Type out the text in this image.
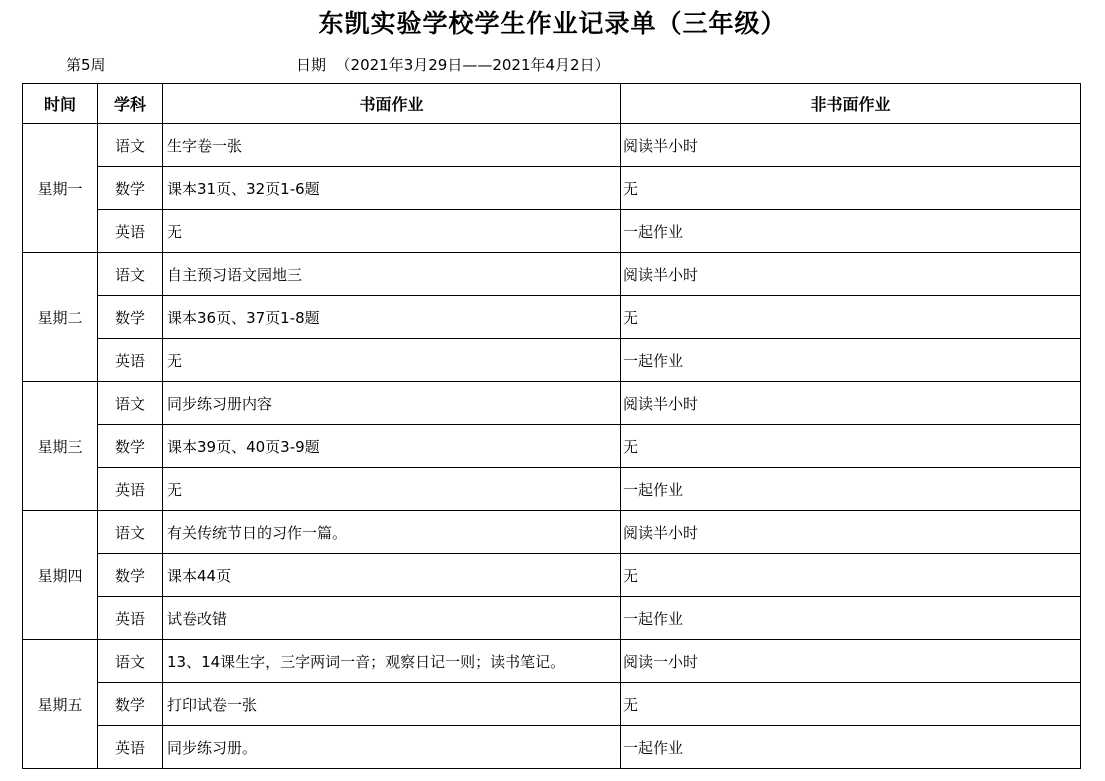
东凯实验学校学生作业记录单（三年级）
第5周	日期  （2021年3月29日——2021年4月2日）
时间	学科	书面作业	非书面作业
星期一	语文	生字卷一张	阅读半小时
	数学	课本31页、32页1-6题	无
	英语	无	一起作业
星期二	语文	自主预习语文园地三	阅读半小时
	数学	课本36页、37页1-8题	无
	英语	无	一起作业
星期三	语文	同步练习册内容	阅读半小时
	数学	课本39页、40页3-9题	无
	英语	无	一起作业
星期四	语文	有关传统节日的习作一篇。	阅读半小时
	数学	课本44页	无
	英语	试卷改错	一起作业
星期五	语文	13、14课生字，三字两词一音；观察日记一则；读书笔记。	阅读一小时
	数学	打印试卷一张	无
	英语	同步练习册。	一起作业
